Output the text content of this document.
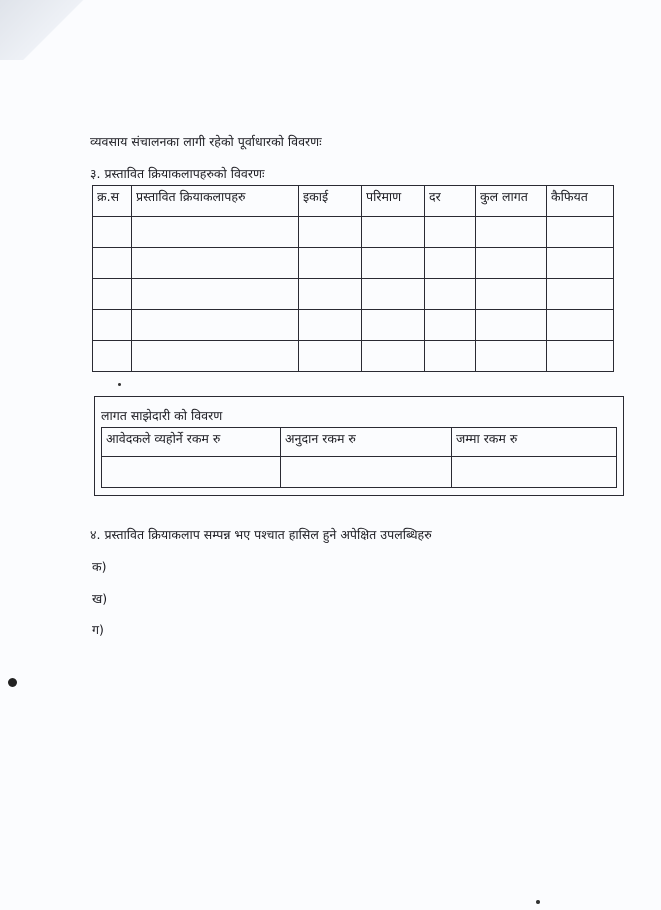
व्यवसाय संचालनका लागी रहेको पूर्वाधारको विवरणः
३. प्रस्तावित क्रियाकलापहरुको विवरणः
क्र.स	प्रस्तावित क्रियाकलापहरु	इकाई	परिमाण	दर	कुल लागत	कैफियत

लागत साझेदारी को विवरण
आवेदकले व्यहोर्ने रकम रु	अनुदान रकम रु	जम्मा रकम रु

४. प्रस्तावित क्रियाकलाप सम्पन्न भए पश्चात हासिल हुने अपेक्षित उपलब्धिहरु
क)
ख)
ग)
